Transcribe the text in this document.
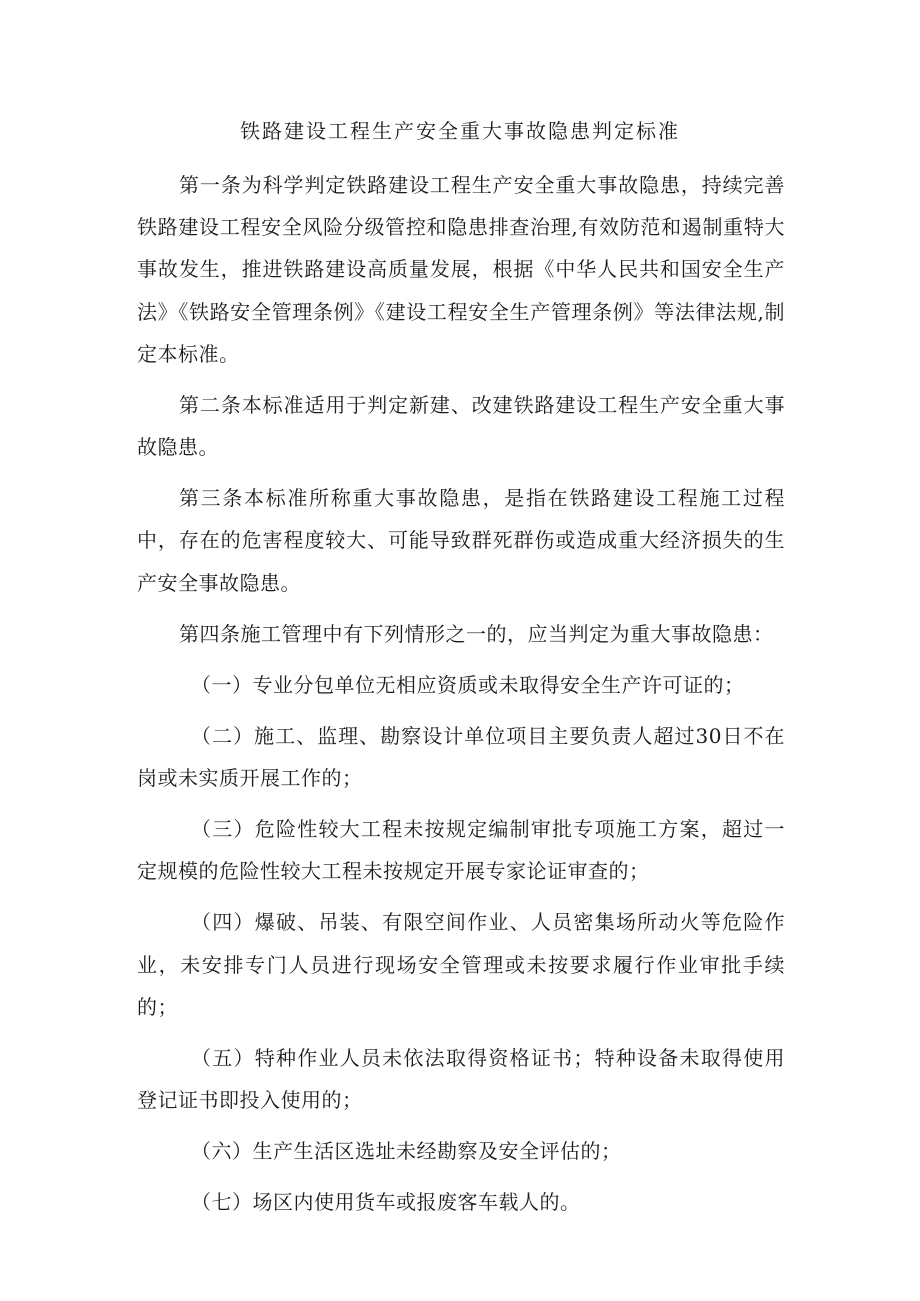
铁路建设工程生产安全重大事故隐患判定标准

第一条为科学判定铁路建设工程生产安全重大事故隐患，持续完善铁路建设工程安全风险分级管控和隐患排查治理,有效防范和遏制重特大事故发生，推进铁路建设高质量发展，根据《中华人民共和国安全生产法》《铁路安全管理条例》《建设工程安全生产管理条例》等法律法规,制定本标准。

第二条本标准适用于判定新建、改建铁路建设工程生产安全重大事故隐患。

第三条本标准所称重大事故隐患，是指在铁路建设工程施工过程中，存在的危害程度较大、可能导致群死群伤或造成重大经济损失的生产安全事故隐患。

第四条施工管理中有下列情形之一的，应当判定为重大事故隐患：

（一）专业分包单位无相应资质或未取得安全生产许可证的；

（二）施工、监理、勘察设计单位项目主要负责人超过30日不在岗或未实质开展工作的；

（三）危险性较大工程未按规定编制审批专项施工方案，超过一定规模的危险性较大工程未按规定开展专家论证审查的；

（四）爆破、吊装、有限空间作业、人员密集场所动火等危险作业，未安排专门人员进行现场安全管理或未按要求履行作业审批手续的；

（五）特种作业人员未依法取得资格证书；特种设备未取得使用登记证书即投入使用的；

（六）生产生活区选址未经勘察及安全评估的；

（七）场区内使用货车或报废客车载人的。
